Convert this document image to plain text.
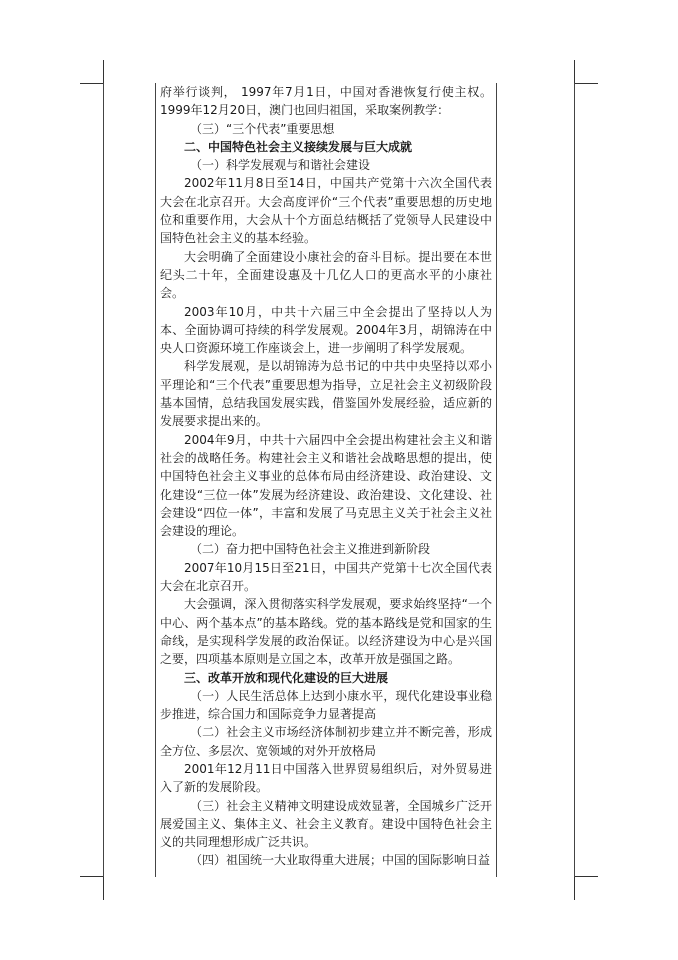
府举行谈判， 1997年7月1日，中国对香港恢复行使主权。1999年12月20日，澳门也回归祖国，采取案例教学：

（三）“三个代表”重要思想

二、中国特色社会主义接续发展与巨大成就

（一）科学发展观与和谐社会建设

2002年11月8日至14日，中国共产党第十六次全国代表大会在北京召开。大会高度评价“三个代表”重要思想的历史地位和重要作用，大会从十个方面总结概括了党领导人民建设中国特色社会主义的基本经验。

大会明确了全面建设小康社会的奋斗目标。提出要在本世纪头二十年，全面建设惠及十几亿人口的更高水平的小康社会。

2003年10月，中共十六届三中全会提出了坚持以人为本、全面协调可持续的科学发展观。2004年3月，胡锦涛在中央人口资源环境工作座谈会上，进一步阐明了科学发展观。

科学发展观，是以胡锦涛为总书记的中共中央坚持以邓小平理论和“三个代表”重要思想为指导，立足社会主义初级阶段基本国情，总结我国发展实践，借鉴国外发展经验，适应新的发展要求提出来的。

2004年9月，中共十六届四中全会提出构建社会主义和谐社会的战略任务。构建社会主义和谐社会战略思想的提出，使中国特色社会主义事业的总体布局由经济建设、政治建设、文化建设“三位一体”发展为经济建设、政治建设、文化建设、社会建设“四位一体”，丰富和发展了马克思主义关于社会主义社会建设的理论。

（二）奋力把中国特色社会主义推进到新阶段

2007年10月15日至21日，中国共产党第十七次全国代表大会在北京召开。

大会强调，深入贯彻落实科学发展观，要求始终坚持“一个中心、两个基本点”的基本路线。党的基本路线是党和国家的生命线，是实现科学发展的政治保证。以经济建设为中心是兴国之要，四项基本原则是立国之本，改革开放是强国之路。

三、改革开放和现代化建设的巨大进展

（一）人民生活总体上达到小康水平，现代化建设事业稳步推进，综合国力和国际竞争力显著提高

（二）社会主义市场经济体制初步建立并不断完善，形成全方位、多层次、宽领域的对外开放格局

2001年12月11日中国落入世界贸易组织后，对外贸易进入了新的发展阶段。

（三）社会主义精神文明建设成效显著，全国城乡广泛开展爱国主义、集体主义、社会主义教育。建设中国特色社会主义的共同理想形成广泛共识。

（四）祖国统一大业取得重大进展；中国的国际影响日益
